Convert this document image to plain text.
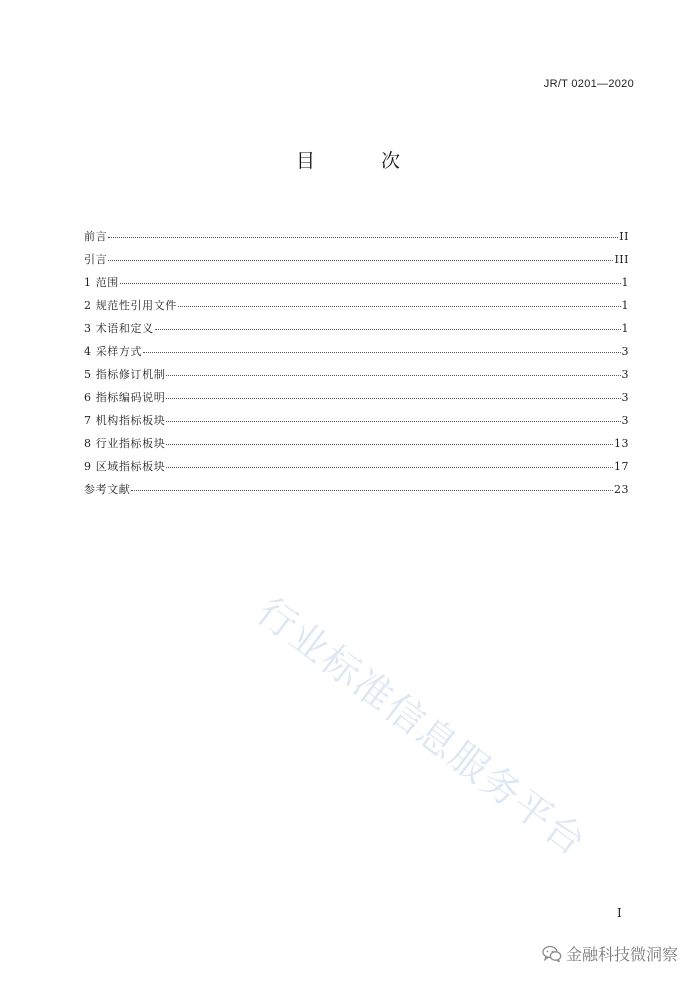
JR/T 0201—2020
目 次
前言	II
引言	III
1 范围	1
2 规范性引用文件	1
3 术语和定义	1
4 采样方式	3
5 指标修订机制	3
6 指标编码说明	3
7 机构指标板块	3
8 行业指标板块	13
9 区域指标板块	17
参考文献	23
行业标准信息服务平台
I
金融科技微洞察
